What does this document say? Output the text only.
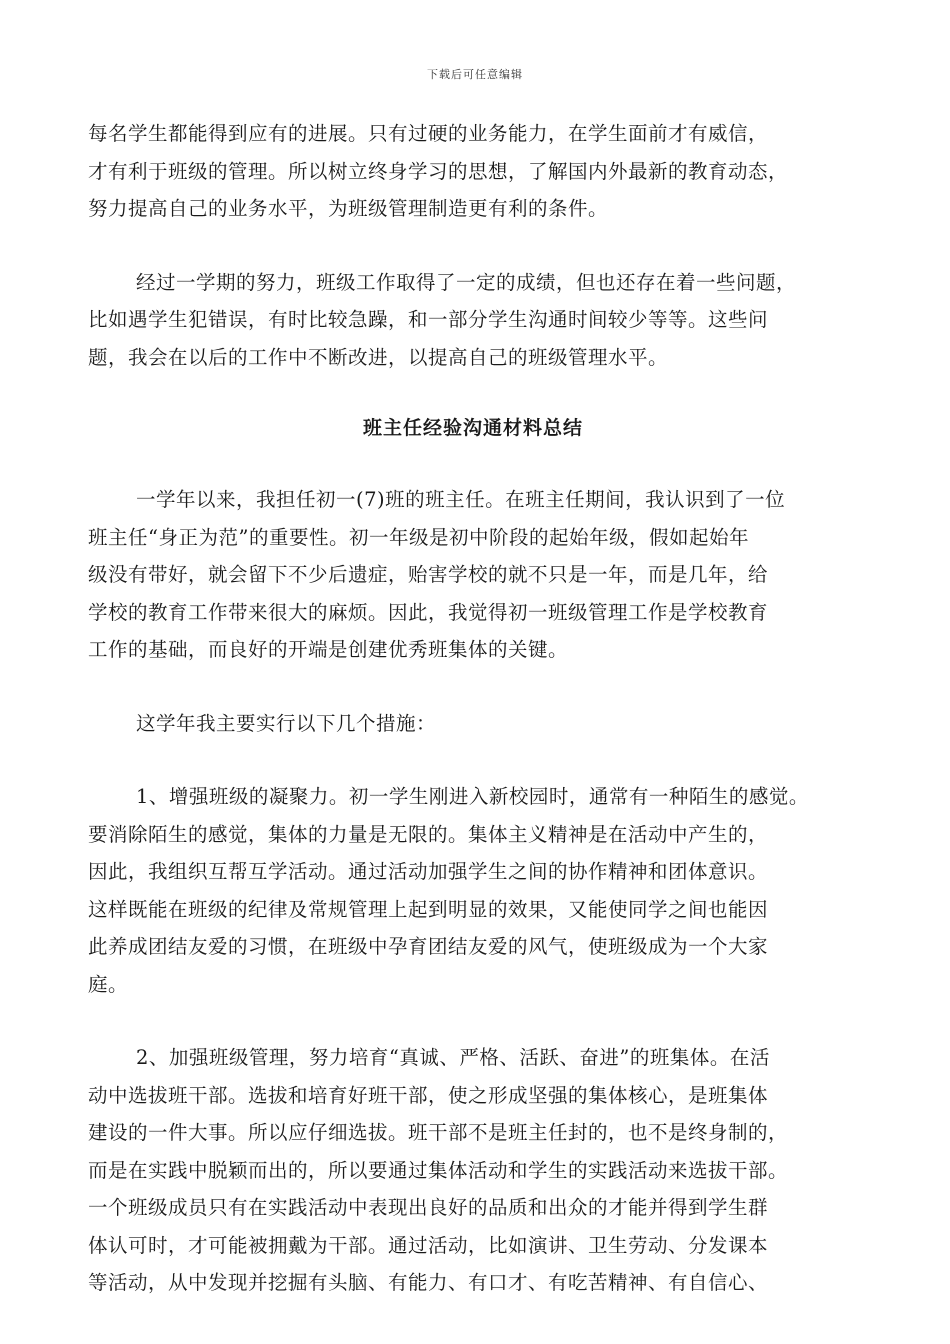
下载后可任意编辑
每名学生都能得到应有的进展。只有过硬的业务能力，在学生面前才有威信，
才有利于班级的管理。所以树立终身学习的思想，了解国内外最新的教育动态，
努力提高自己的业务水平，为班级管理制造更有利的条件。
经过一学期的努力，班级工作取得了一定的成绩，但也还存在着一些问题，
比如遇学生犯错误，有时比较急躁，和一部分学生沟通时间较少等等。这些问
题，我会在以后的工作中不断改进，以提高自己的班级管理水平。
班主任经验沟通材料总结
一学年以来，我担任初一(7)班的班主任。在班主任期间，我认识到了一位
班主任“身正为范”的重要性。初一年级是初中阶段的起始年级，假如起始年
级没有带好，就会留下不少后遗症，贻害学校的就不只是一年，而是几年，给
学校的教育工作带来很大的麻烦。因此，我觉得初一班级管理工作是学校教育
工作的基础，而良好的开端是创建优秀班集体的关键。
这学年我主要实行以下几个措施：
1、增强班级的凝聚力。初一学生刚进入新校园时，通常有一种陌生的感觉。
要消除陌生的感觉，集体的力量是无限的。集体主义精神是在活动中产生的，
因此，我组织互帮互学活动。通过活动加强学生之间的协作精神和团体意识。
这样既能在班级的纪律及常规管理上起到明显的效果，又能使同学之间也能因
此养成团结友爱的习惯，在班级中孕育团结友爱的风气，使班级成为一个大家
庭。
2、加强班级管理，努力培育“真诚、严格、活跃、奋进”的班集体。在活
动中选拔班干部。选拔和培育好班干部，使之形成坚强的集体核心，是班集体
建设的一件大事。所以应仔细选拔。班干部不是班主任封的，也不是终身制的，
而是在实践中脱颖而出的，所以要通过集体活动和学生的实践活动来选拔干部。
一个班级成员只有在实践活动中表现出良好的品质和出众的才能并得到学生群
体认可时，才可能被拥戴为干部。通过活动，比如演讲、卫生劳动、分发课本
等活动，从中发现并挖掘有头脑、有能力、有口才、有吃苦精神、有自信心、
